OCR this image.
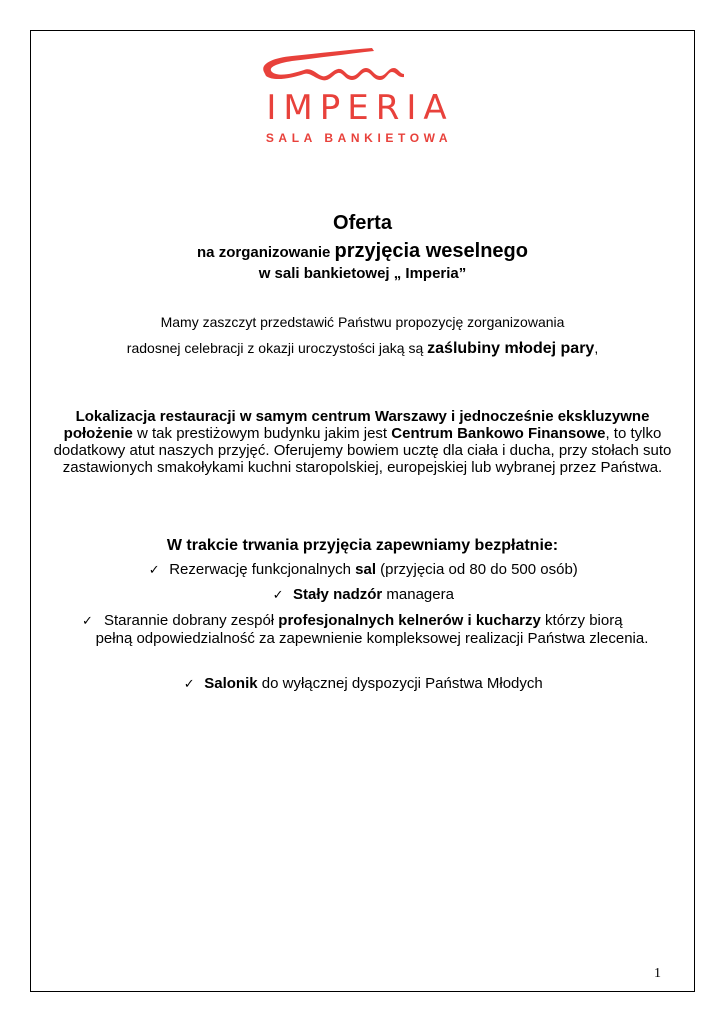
IMPERIA
SALA BANKIETOWA
Oferta
na zorganizowanie przyjęcia weselnego
w sali bankietowej „ Imperia”
Mamy zaszczyt przedstawić Państwu propozycję zorganizowania
radosnej celebracji z okazji uroczystości jaką są zaślubiny młodej pary,
Lokalizacja restauracji w samym centrum Warszawy i jednocześnie ekskluzywne położenie w tak prestiżowym budynku jakim jest Centrum Bankowo Finansowe, to tylko dodatkowy atut naszych przyjęć. Oferujemy bowiem ucztę dla ciała i ducha, przy stołach suto zastawionych smakołykami kuchni staropolskiej, europejskiej lub wybranej przez Państwa.
W trakcie trwania przyjęcia zapewniamy bezpłatnie:
✓ Rezerwację funkcjonalnych sal (przyjęcia od 80 do 500 osób)
✓ Stały nadzór managera
✓ Starannie dobrany zespół profesjonalnych kelnerów i kucharzy którzy biorą
pełną odpowiedzialność za zapewnienie kompleksowej realizacji Państwa zlecenia.
✓ Salonik do wyłącznej dyspozycji Państwa Młodych
1
